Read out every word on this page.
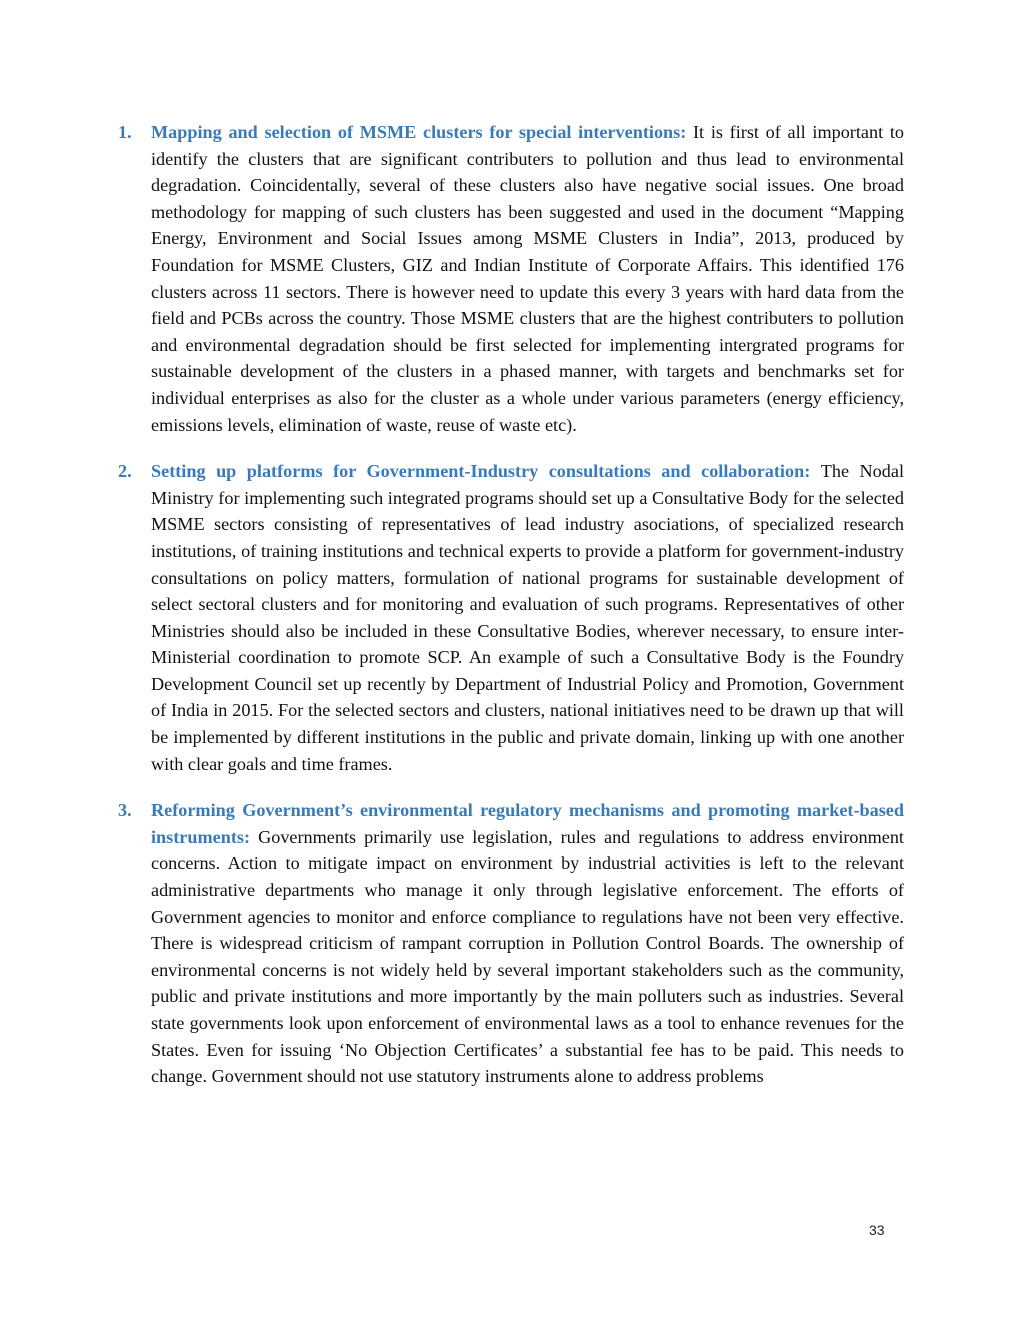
1. Mapping and selection of MSME clusters for special interventions: It is first of all important to identify the clusters that are significant contributers to pollution and thus lead to environmental degradation. Coincidentally, several of these clusters also have negative social issues. One broad methodology for mapping of such clusters has been suggested and used in the document “Mapping Energy, Environment and Social Issues among MSME Clusters in India”, 2013, produced by Foundation for MSME Clusters, GIZ and Indian Institute of Corporate Affairs. This identified 176 clusters across 11 sectors. There is however need to update this every 3 years with hard data from the field and PCBs across the country. Those MSME clusters that are the highest contributers to pollution and environmental degradation should be first selected for implementing intergrated programs for sustainable development of the clusters in a phased manner, with targets and benchmarks set for individual enterprises as also for the cluster as a whole under various parameters (energy efficiency, emissions levels, elimination of waste, reuse of waste etc).
2. Setting up platforms for Government-Industry consultations and collaboration: The Nodal Ministry for implementing such integrated programs should set up a Consultative Body for the selected MSME sectors consisting of representatives of lead industry asociations, of specialized research institutions, of training institutions and technical experts to provide a platform for government-industry consultations on policy matters, formulation of national programs for sustainable development of select sectoral clusters and for monitoring and evaluation of such programs. Representatives of other Ministries should also be included in these Consultative Bodies, wherever necessary, to ensure inter-Ministerial coordination to promote SCP. An example of such a Consultative Body is the Foundry Development Council set up recently by Department of Industrial Policy and Promotion, Government of India in 2015. For the selected sectors and clusters, national initiatives need to be drawn up that will be implemented by different institutions in the public and private domain, linking up with one another with clear goals and time frames.
3. Reforming Government’s environmental regulatory mechanisms and promoting market-based instruments: Governments primarily use legislation, rules and regulations to address environment concerns. Action to mitigate impact on environment by industrial activities is left to the relevant administrative departments who manage it only through legislative enforcement. The efforts of Government agencies to monitor and enforce compliance to regulations have not been very effective. There is widespread criticism of rampant corruption in Pollution Control Boards. The ownership of environmental concerns is not widely held by several important stakeholders such as the community, public and private institutions and more importantly by the main polluters such as industries. Several state governments look upon enforcement of environmental laws as a tool to enhance revenues for the States. Even for issuing ‘No Objection Certificates’ a substantial fee has to be paid. This needs to change. Government should not use statutory instruments alone to address problems
33
